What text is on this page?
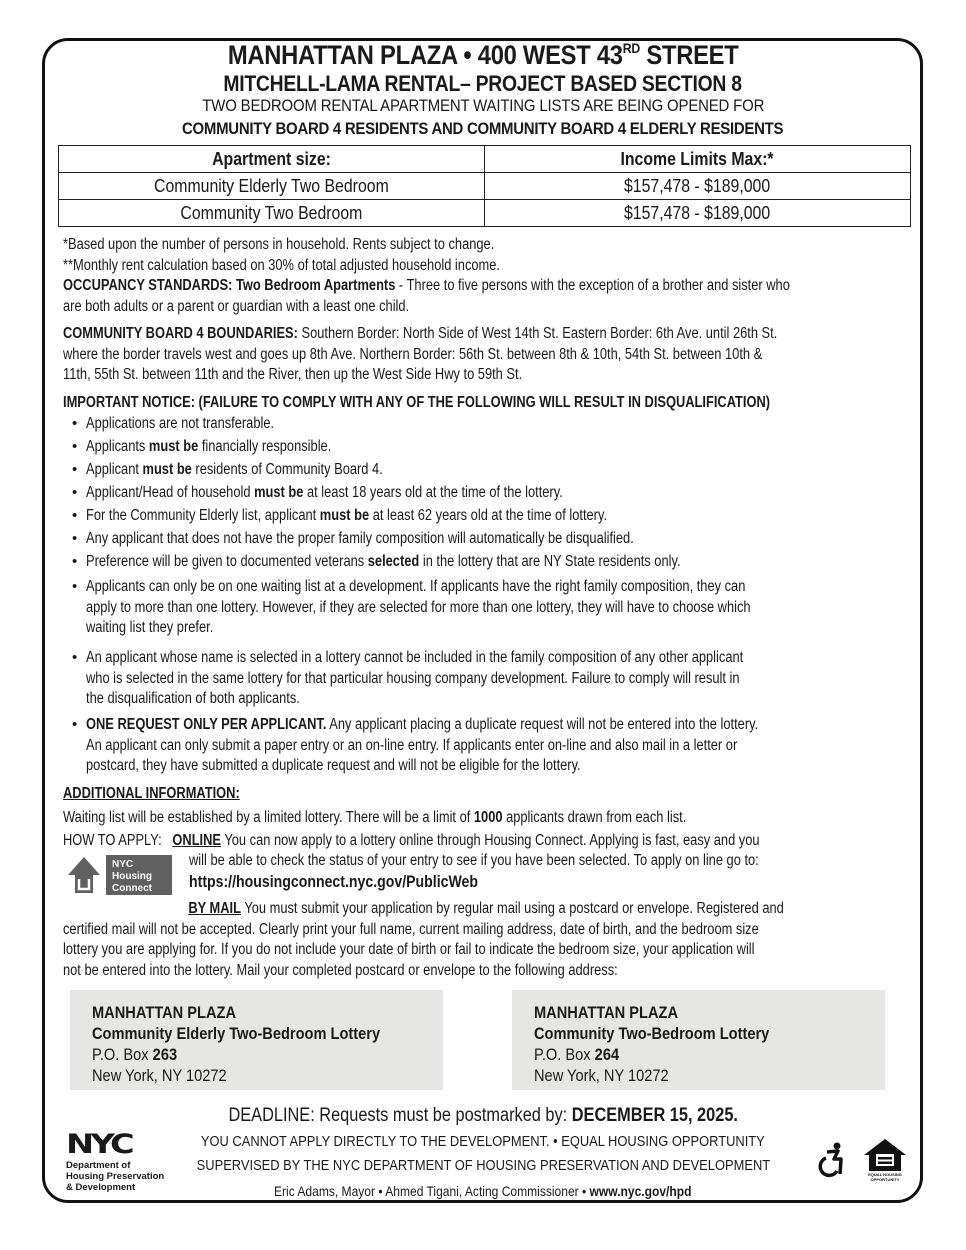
MANHATTAN PLAZA • 400 WEST 43RD STREET
MITCHELL-LAMA RENTAL– PROJECT BASED SECTION 8
TWO BEDROOM RENTAL APARTMENT WAITING LISTS ARE BEING OPENED FOR
COMMUNITY BOARD 4 RESIDENTS AND COMMUNITY BOARD 4 ELDERLY RESIDENTS
Apartment size:	Income Limits Max:*
Community Elderly Two Bedroom	$157,478 - $189,000
Community Two Bedroom	$157,478 - $189,000
*Based upon the number of persons in household. Rents subject to change.
**Monthly rent calculation based on 30% of total adjusted household income.
OCCUPANCY STANDARDS: Two Bedroom Apartments - Three to five persons with the exception of a brother and sister who
are both adults or a parent or guardian with a least one child.
COMMUNITY BOARD 4 BOUNDARIES: Southern Border: North Side of West 14th St. Eastern Border: 6th Ave. until 26th St.
where the border travels west and goes up 8th Ave. Northern Border: 56th St. between 8th & 10th, 54th St. between 10th &
11th, 55th St. between 11th and the River, then up the West Side Hwy to 59th St.
IMPORTANT NOTICE: (FAILURE TO COMPLY WITH ANY OF THE FOLLOWING WILL RESULT IN DISQUALIFICATION)
• Applications are not transferable.
• Applicants must be financially responsible.
• Applicant must be residents of Community Board 4.
• Applicant/Head of household must be at least 18 years old at the time of the lottery.
• For the Community Elderly list, applicant must be at least 62 years old at the time of lottery.
• Any applicant that does not have the proper family composition will automatically be disqualified.
• Preference will be given to documented veterans selected in the lottery that are NY State residents only.
• Applicants can only be on one waiting list at a development. If applicants have the right family composition, they can
apply to more than one lottery. However, if they are selected for more than one lottery, they will have to choose which
waiting list they prefer.
• An applicant whose name is selected in a lottery cannot be included in the family composition of any other applicant
who is selected in the same lottery for that particular housing company development. Failure to comply will result in
the disqualification of both applicants.
• ONE REQUEST ONLY PER APPLICANT. Any applicant placing a duplicate request will not be entered into the lottery.
An applicant can only submit a paper entry or an on-line entry. If applicants enter on-line and also mail in a letter or
postcard, they have submitted a duplicate request and will not be eligible for the lottery.
ADDITIONAL INFORMATION:
Waiting list will be established by a limited lottery. There will be a limit of 1000 applicants drawn from each list.
HOW TO APPLY: ONLINE You can now apply to a lottery online through Housing Connect. Applying is fast, easy and you
will be able to check the status of your entry to see if you have been selected. To apply on line go to:
https://housingconnect.nyc.gov/PublicWeb
NYC
Housing
Connect
BY MAIL You must submit your application by regular mail using a postcard or envelope. Registered and
certified mail will not be accepted. Clearly print your full name, current mailing address, date of birth, and the bedroom size
lottery you are applying for. If you do not include your date of birth or fail to indicate the bedroom size, your application will
not be entered into the lottery. Mail your completed postcard or envelope to the following address:
MANHATTAN PLAZA
Community Elderly Two-Bedroom Lottery
P.O. Box 263
New York, NY 10272
MANHATTAN PLAZA
Community Two-Bedroom Lottery
P.O. Box 264
New York, NY 10272
NYC
Department of
Housing Preservation
& Development
DEADLINE: Requests must be postmarked by: DECEMBER 15, 2025.
YOU CANNOT APPLY DIRECTLY TO THE DEVELOPMENT. • EQUAL HOUSING OPPORTUNITY
SUPERVISED BY THE NYC DEPARTMENT OF HOUSING PRESERVATION AND DEVELOPMENT
Eric Adams, Mayor • Ahmed Tigani, Acting Commissioner • www.nyc.gov/hpd
EQUAL HOUSING
OPPORTUNITY
